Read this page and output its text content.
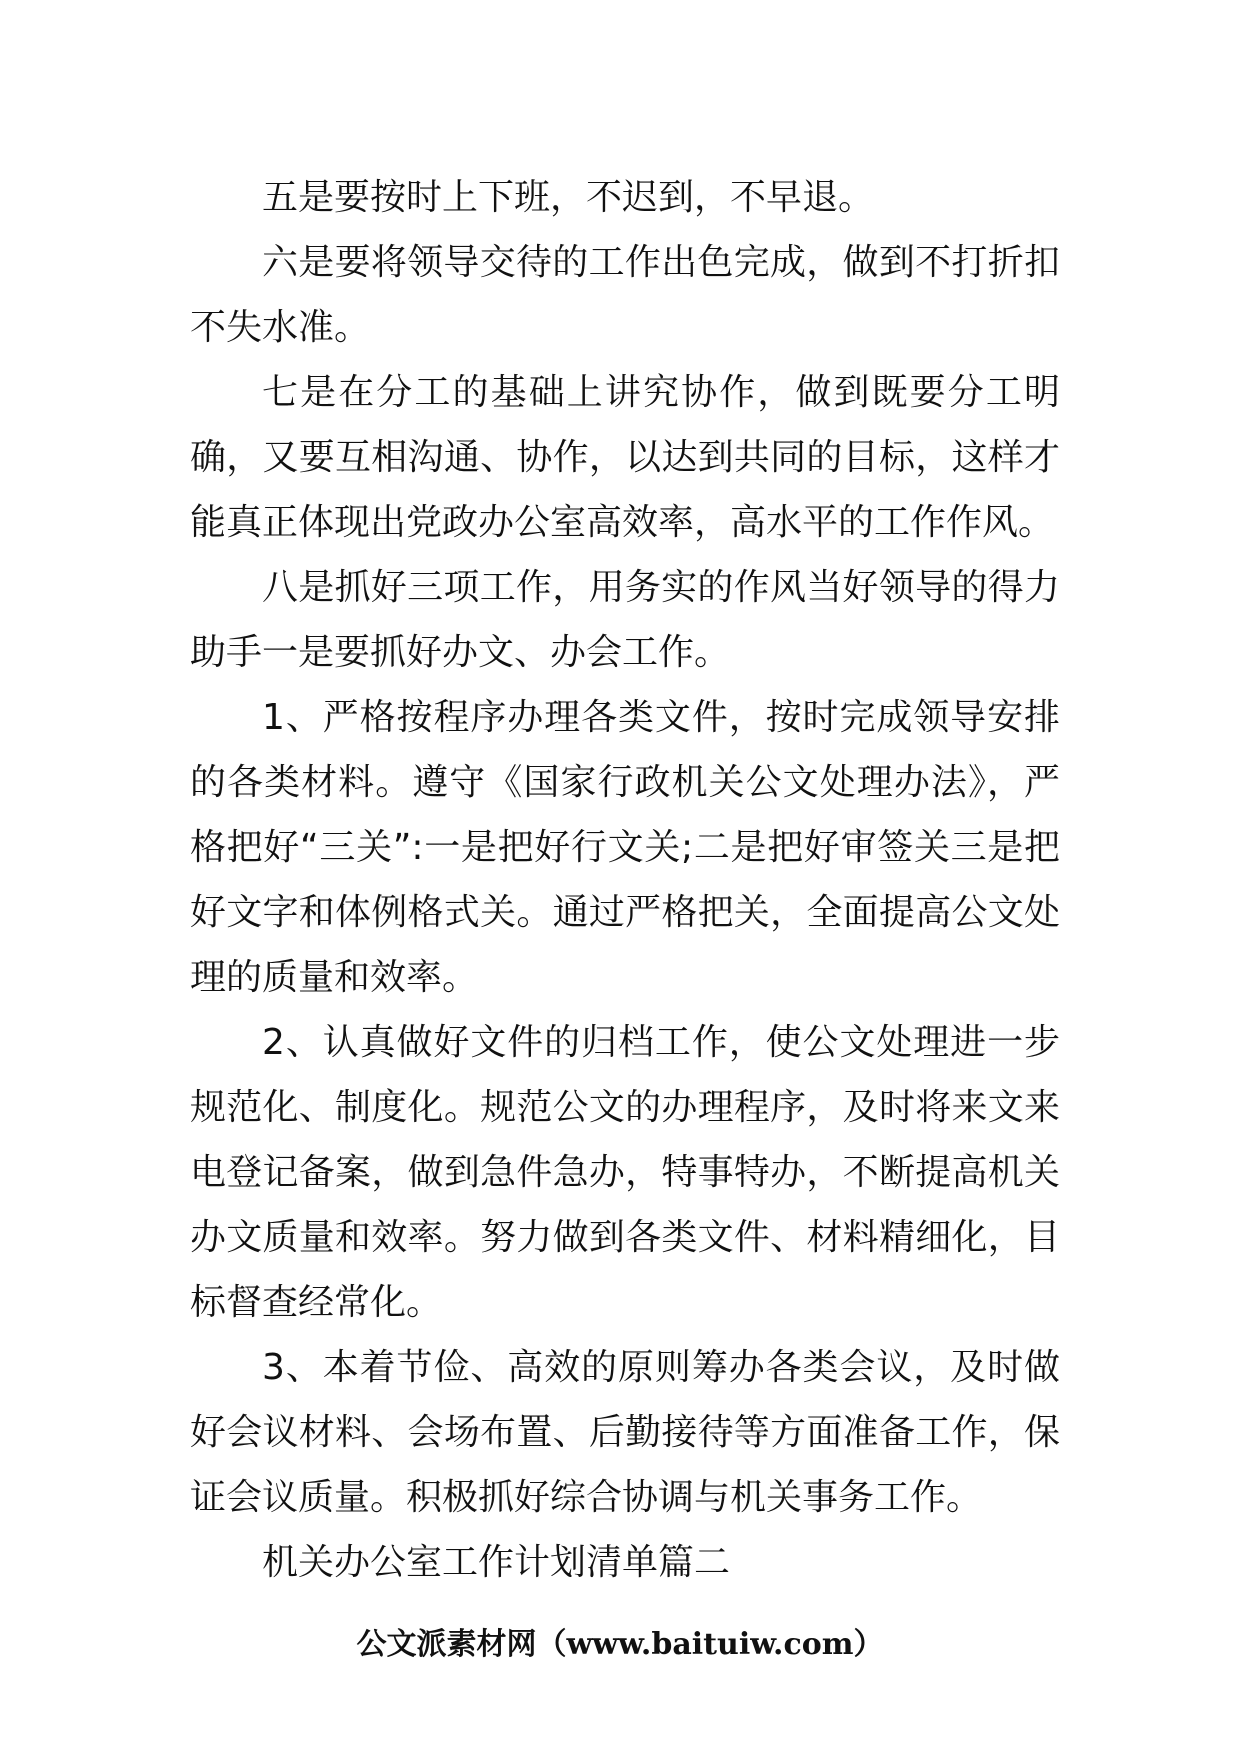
五是要按时上下班，不迟到，不早退。

六是要将领导交待的工作出色完成，做到不打折扣不失水准。

七是在分工的基础上讲究协作，做到既要分工明确，又要互相沟通、协作，以达到共同的目标，这样才能真正体现出党政办公室高效率，高水平的工作作风。

八是抓好三项工作，用务实的作风当好领导的得力助手一是要抓好办文、办会工作。

1、严格按程序办理各类文件，按时完成领导安排的各类材料。遵守《国家行政机关公文处理办法》，严格把好“三关”:一是把好行文关;二是把好审签关三是把好文字和体例格式关。通过严格把关，全面提高公文处理的质量和效率。

2、认真做好文件的归档工作，使公文处理进一步规范化、制度化。规范公文的办理程序，及时将来文来电登记备案，做到急件急办，特事特办，不断提高机关办文质量和效率。努力做到各类文件、材料精细化，目标督查经常化。

3、本着节俭、高效的原则筹办各类会议，及时做好会议材料、会场布置、后勤接待等方面准备工作，保证会议质量。积极抓好综合协调与机关事务工作。

机关办公室工作计划清单篇二

公文派素材网（www.baituiw.com）
